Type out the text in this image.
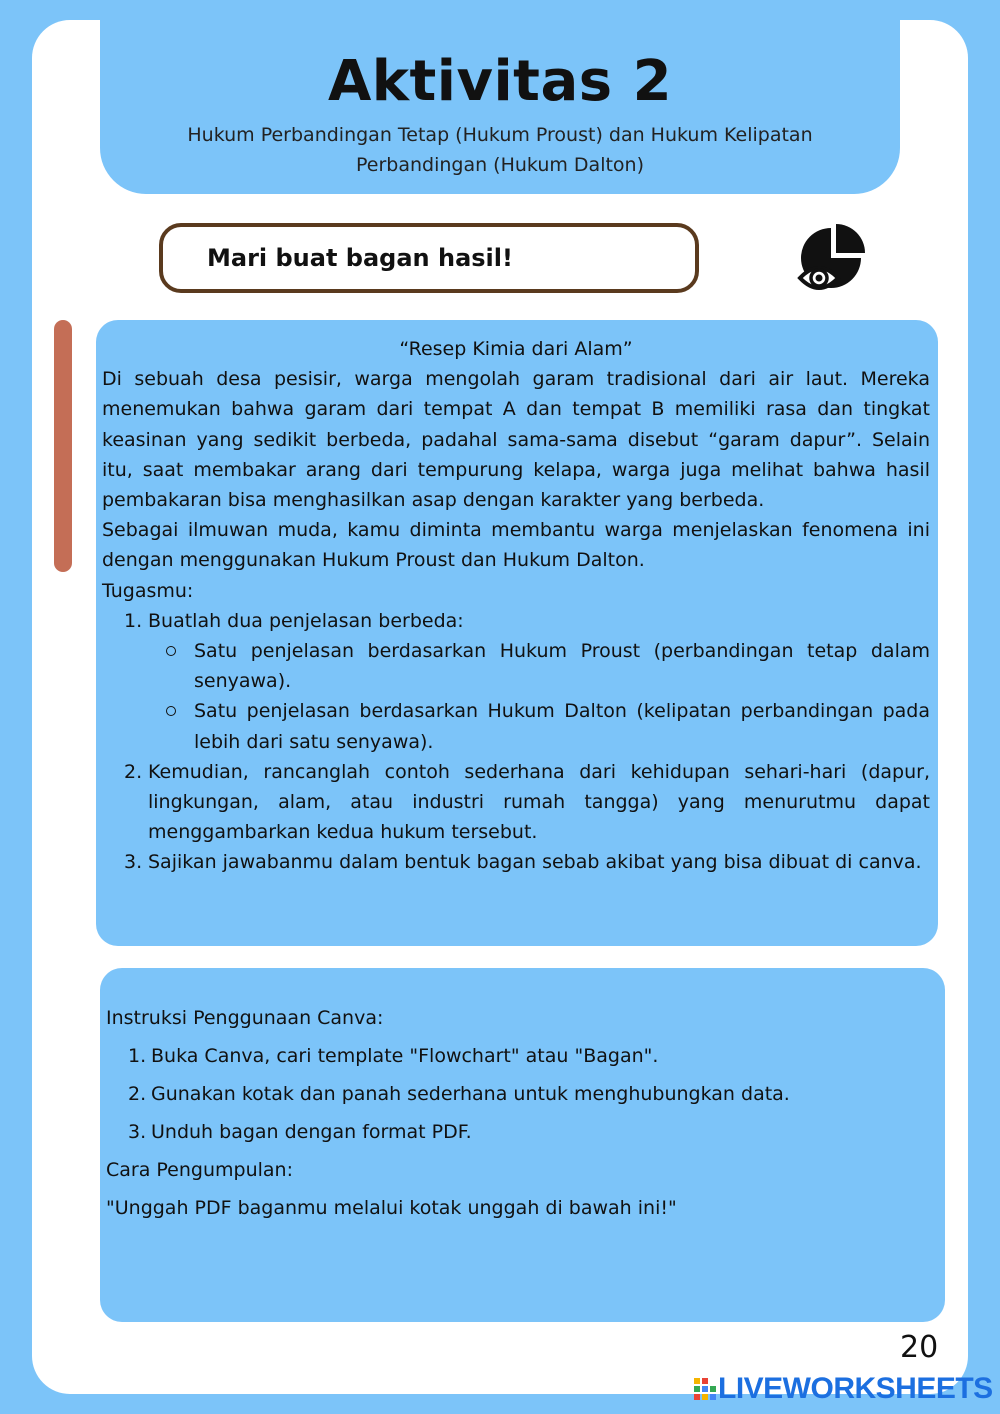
Aktivitas 2
Hukum Perbandingan Tetap (Hukum Proust) dan Hukum Kelipatan
Perbandingan (Hukum Dalton)
Mari buat bagan hasil!
“Resep Kimia dari Alam”
Di sebuah desa pesisir, warga mengolah garam tradisional dari air laut. Mereka menemukan bahwa garam dari tempat A dan tempat B memiliki rasa dan tingkat keasinan yang sedikit berbeda, padahal sama-sama disebut “garam dapur”. Selain itu, saat membakar arang dari tempurung kelapa, warga juga melihat bahwa hasil pembakaran bisa menghasilkan asap dengan karakter yang berbeda.
Sebagai ilmuwan muda, kamu diminta membantu warga menjelaskan fenomena ini dengan menggunakan Hukum Proust dan Hukum Dalton.
Tugasmu:
1. Buatlah dua penjelasan berbeda:
Satu penjelasan berdasarkan Hukum Proust (perbandingan tetap dalam senyawa).
Satu penjelasan berdasarkan Hukum Dalton (kelipatan perbandingan pada lebih dari satu senyawa).
2. Kemudian, rancanglah contoh sederhana dari kehidupan sehari-hari (dapur, lingkungan, alam, atau industri rumah tangga) yang menurutmu dapat menggambarkan kedua hukum tersebut.
3. Sajikan jawabanmu dalam bentuk bagan sebab akibat yang bisa dibuat di canva.
Instruksi Penggunaan Canva:
1. Buka Canva, cari template "Flowchart" atau "Bagan".
2. Gunakan kotak dan panah sederhana untuk menghubungkan data.
3. Unduh bagan dengan format PDF.
Cara Pengumpulan:
"Unggah PDF baganmu melalui kotak unggah di bawah ini!"
20
LIVEWORKSHEETS
